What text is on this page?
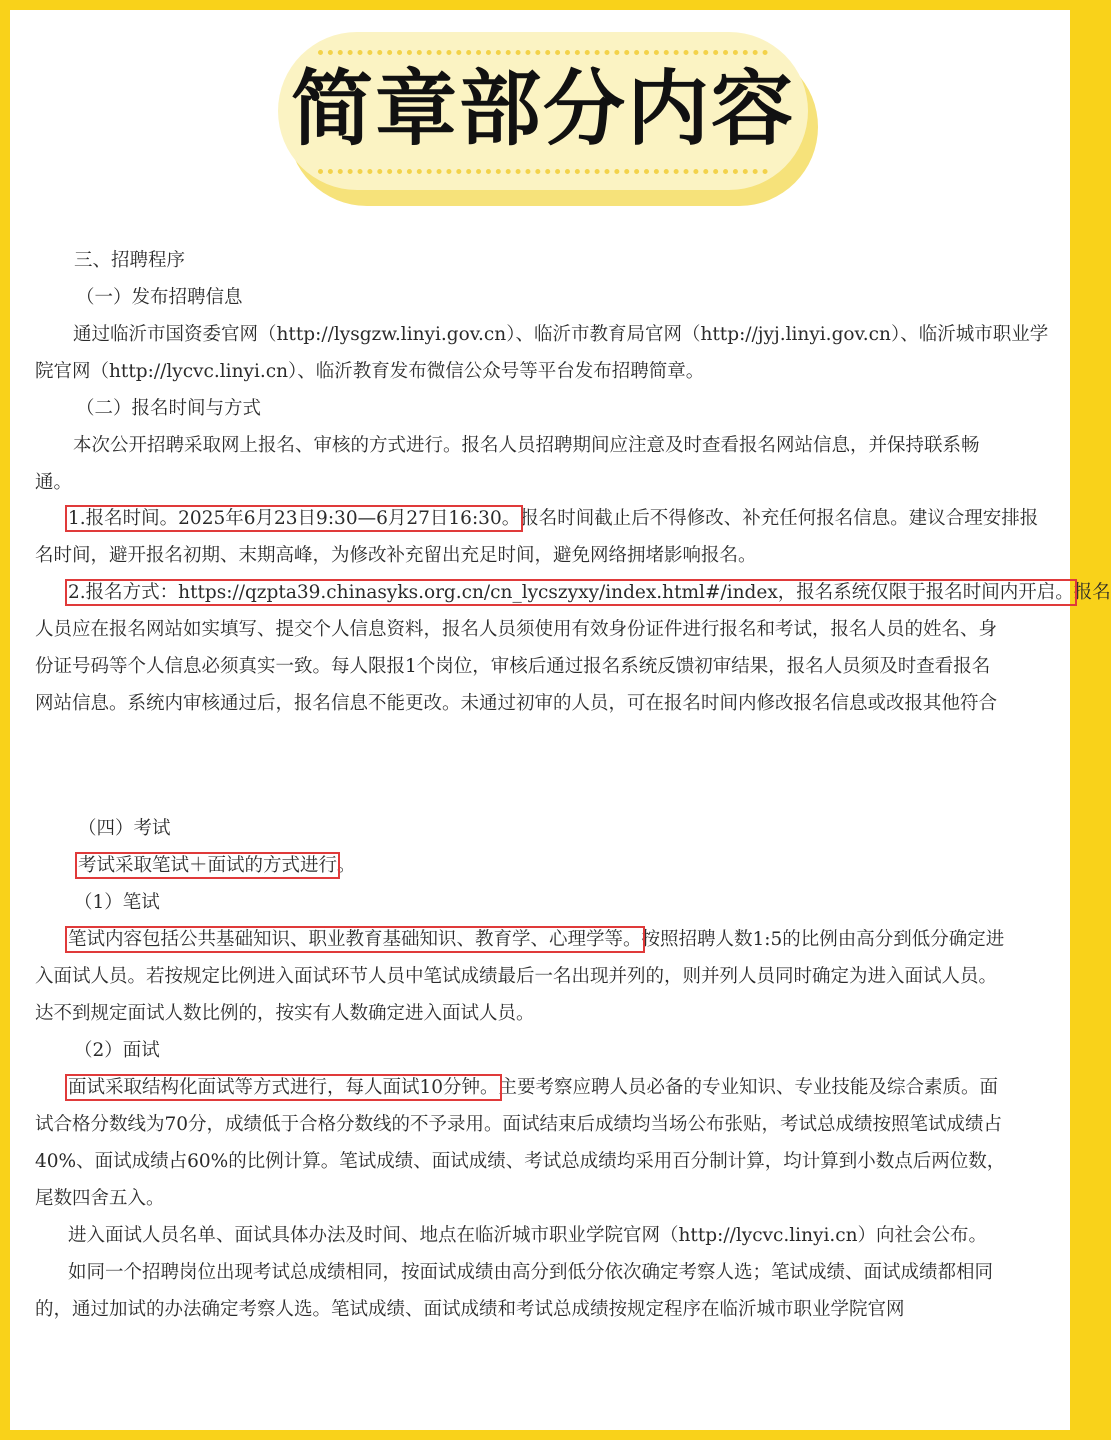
简章部分内容
三、招聘程序
（一）发布招聘信息
通过临沂市国资委官网（http://lysgzw.linyi.gov.cn）、临沂市教育局官网（http://jyj.linyi.gov.cn）、临沂城市职业学
院官网（http://lycvc.linyi.cn）、临沂教育发布微信公众号等平台发布招聘简章。
（二）报名时间与方式
本次公开招聘采取网上报名、审核的方式进行。报名人员招聘期间应注意及时查看报名网站信息，并保持联系畅
通。
1.报名时间。2025年6月23日9:30—6月27日16:30。报名时间截止后不得修改、补充任何报名信息。建议合理安排报
名时间，避开报名初期、末期高峰，为修改补充留出充足时间，避免网络拥堵影响报名。
2.报名方式：https://qzpta39.chinasyks.org.cn/cn_lycszyxy/index.html#/index，报名系统仅限于报名时间内开启。报名
人员应在报名网站如实填写、提交个人信息资料，报名人员须使用有效身份证件进行报名和考试，报名人员的姓名、身
份证号码等个人信息必须真实一致。每人限报1个岗位，审核后通过报名系统反馈初审结果，报名人员须及时查看报名
网站信息。系统内审核通过后，报名信息不能更改。未通过初审的人员，可在报名时间内修改报名信息或改报其他符合
（四）考试
考试采取笔试＋面试的方式进行。
（1）笔试
笔试内容包括公共基础知识、职业教育基础知识、教育学、心理学等。按照招聘人数1:5的比例由高分到低分确定进
入面试人员。若按规定比例进入面试环节人员中笔试成绩最后一名出现并列的，则并列人员同时确定为进入面试人员。
达不到规定面试人数比例的，按实有人数确定进入面试人员。
（2）面试
面试采取结构化面试等方式进行，每人面试10分钟。主要考察应聘人员必备的专业知识、专业技能及综合素质。面
试合格分数线为70分，成绩低于合格分数线的不予录用。面试结束后成绩均当场公布张贴，考试总成绩按照笔试成绩占
40%、面试成绩占60%的比例计算。笔试成绩、面试成绩、考试总成绩均采用百分制计算，均计算到小数点后两位数，
尾数四舍五入。
进入面试人员名单、面试具体办法及时间、地点在临沂城市职业学院官网（http://lycvc.linyi.cn）向社会公布。
如同一个招聘岗位出现考试总成绩相同，按面试成绩由高分到低分依次确定考察人选；笔试成绩、面试成绩都相同
的，通过加试的办法确定考察人选。笔试成绩、面试成绩和考试总成绩按规定程序在临沂城市职业学院官网
